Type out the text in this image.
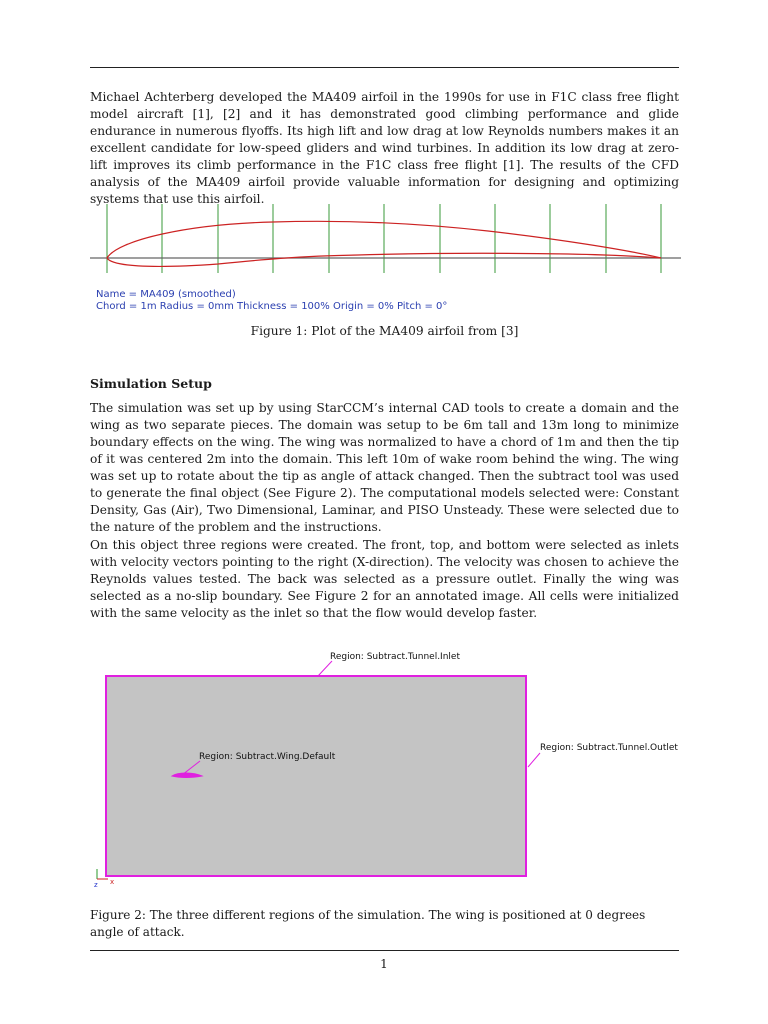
Michael Achterberg developed the MA409 airfoil in the 1990s for use in F1C class free flight model aircraft [1], [2] and it has demonstrated good climbing performance and glide endurance in numerous flyoffs. Its high lift and low drag at low Reynolds numbers makes it an excellent candidate for low-speed gliders and wind turbines. In addition its low drag at zero-lift improves its climb performance in the F1C class free flight [1]. The results of the CFD analysis of the MA409 airfoil provide valuable information for designing and optimizing systems that use this airfoil.

Name = MA409 (smoothed)
Chord = 1m Radius = 0mm Thickness = 100% Origin = 0% Pitch = 0°

Figure 1: Plot of the MA409 airfoil from [3]

Simulation Setup

The simulation was set up by using StarCCM’s internal CAD tools to create a domain and the wing as two separate pieces. The domain was setup to be 6m tall and 13m long to minimize boundary effects on the wing. The wing was normalized to have a chord of 1m and then the tip of it was centered 2m into the domain. This left 10m of wake room behind the wing. The wing was set up to rotate about the tip as angle of attack changed. Then the subtract tool was used to generate the final object (See Figure 2). The computational models selected were: Constant Density, Gas (Air), Two Dimensional, Laminar, and PISO Unsteady. These were selected due to the nature of the problem and the instructions.

On this object three regions were created. The front, top, and bottom were selected as inlets with velocity vectors pointing to the right (X-direction). The velocity was chosen to achieve the Reynolds values tested. The back was selected as a pressure outlet. Finally the wing was selected as a no-slip boundary. See Figure 2 for an annotated image. All cells were initialized with the same velocity as the inlet so that the flow would develop faster.

Region: Subtract.Tunnel.Inlet
Region: Subtract.Tunnel.Outlet
Region: Subtract.Wing.Default
z x

Figure 2: The three different regions of the simulation. The wing is positioned at 0 degrees angle of attack.

1
